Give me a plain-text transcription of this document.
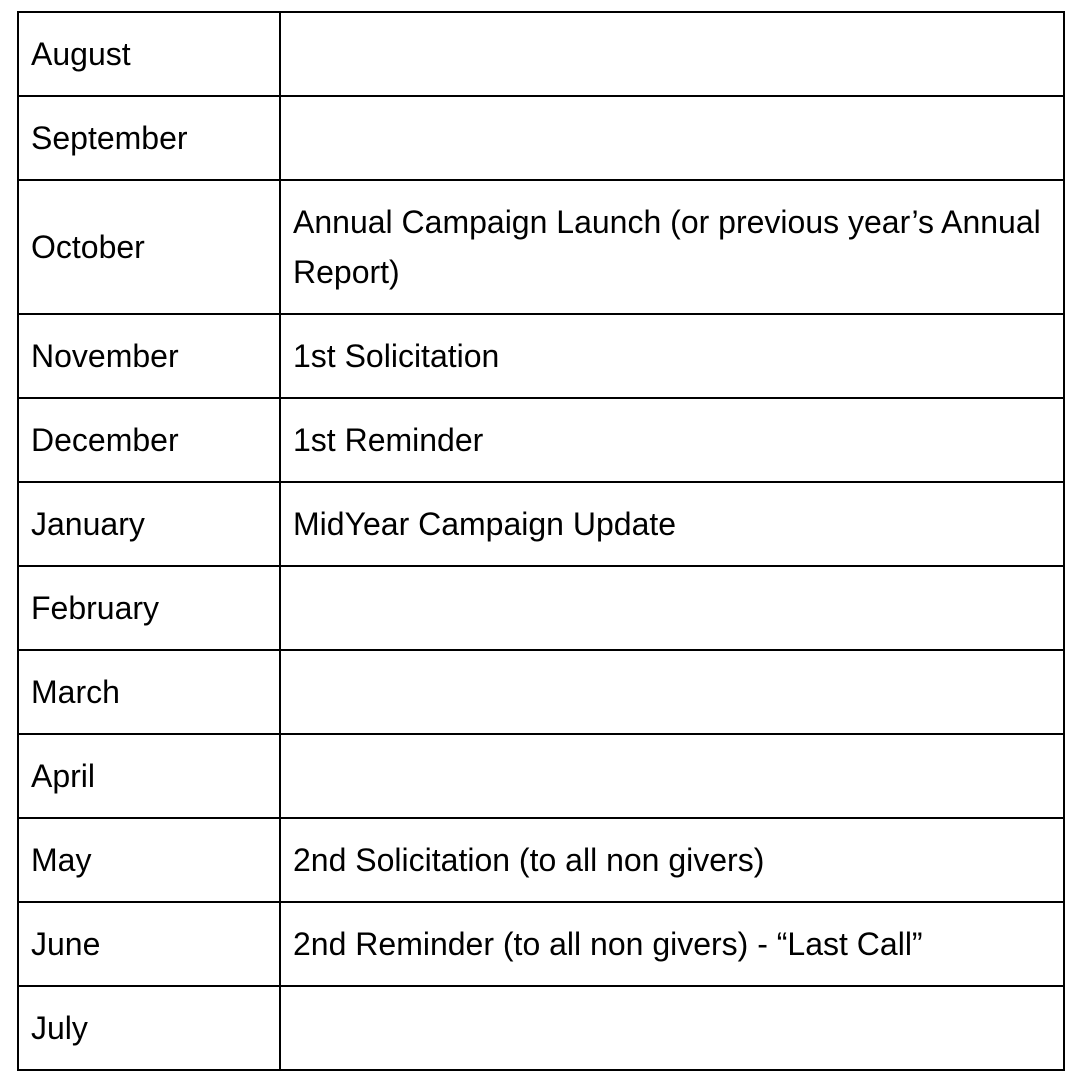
August	
September	
October	Annual Campaign Launch (or previous year’s Annual Report)
November	1st Solicitation
December	1st Reminder
January	MidYear Campaign Update
February	
March	
April	
May	2nd Solicitation (to all non givers)
June	2nd Reminder (to all non givers) - “Last Call”
July	
